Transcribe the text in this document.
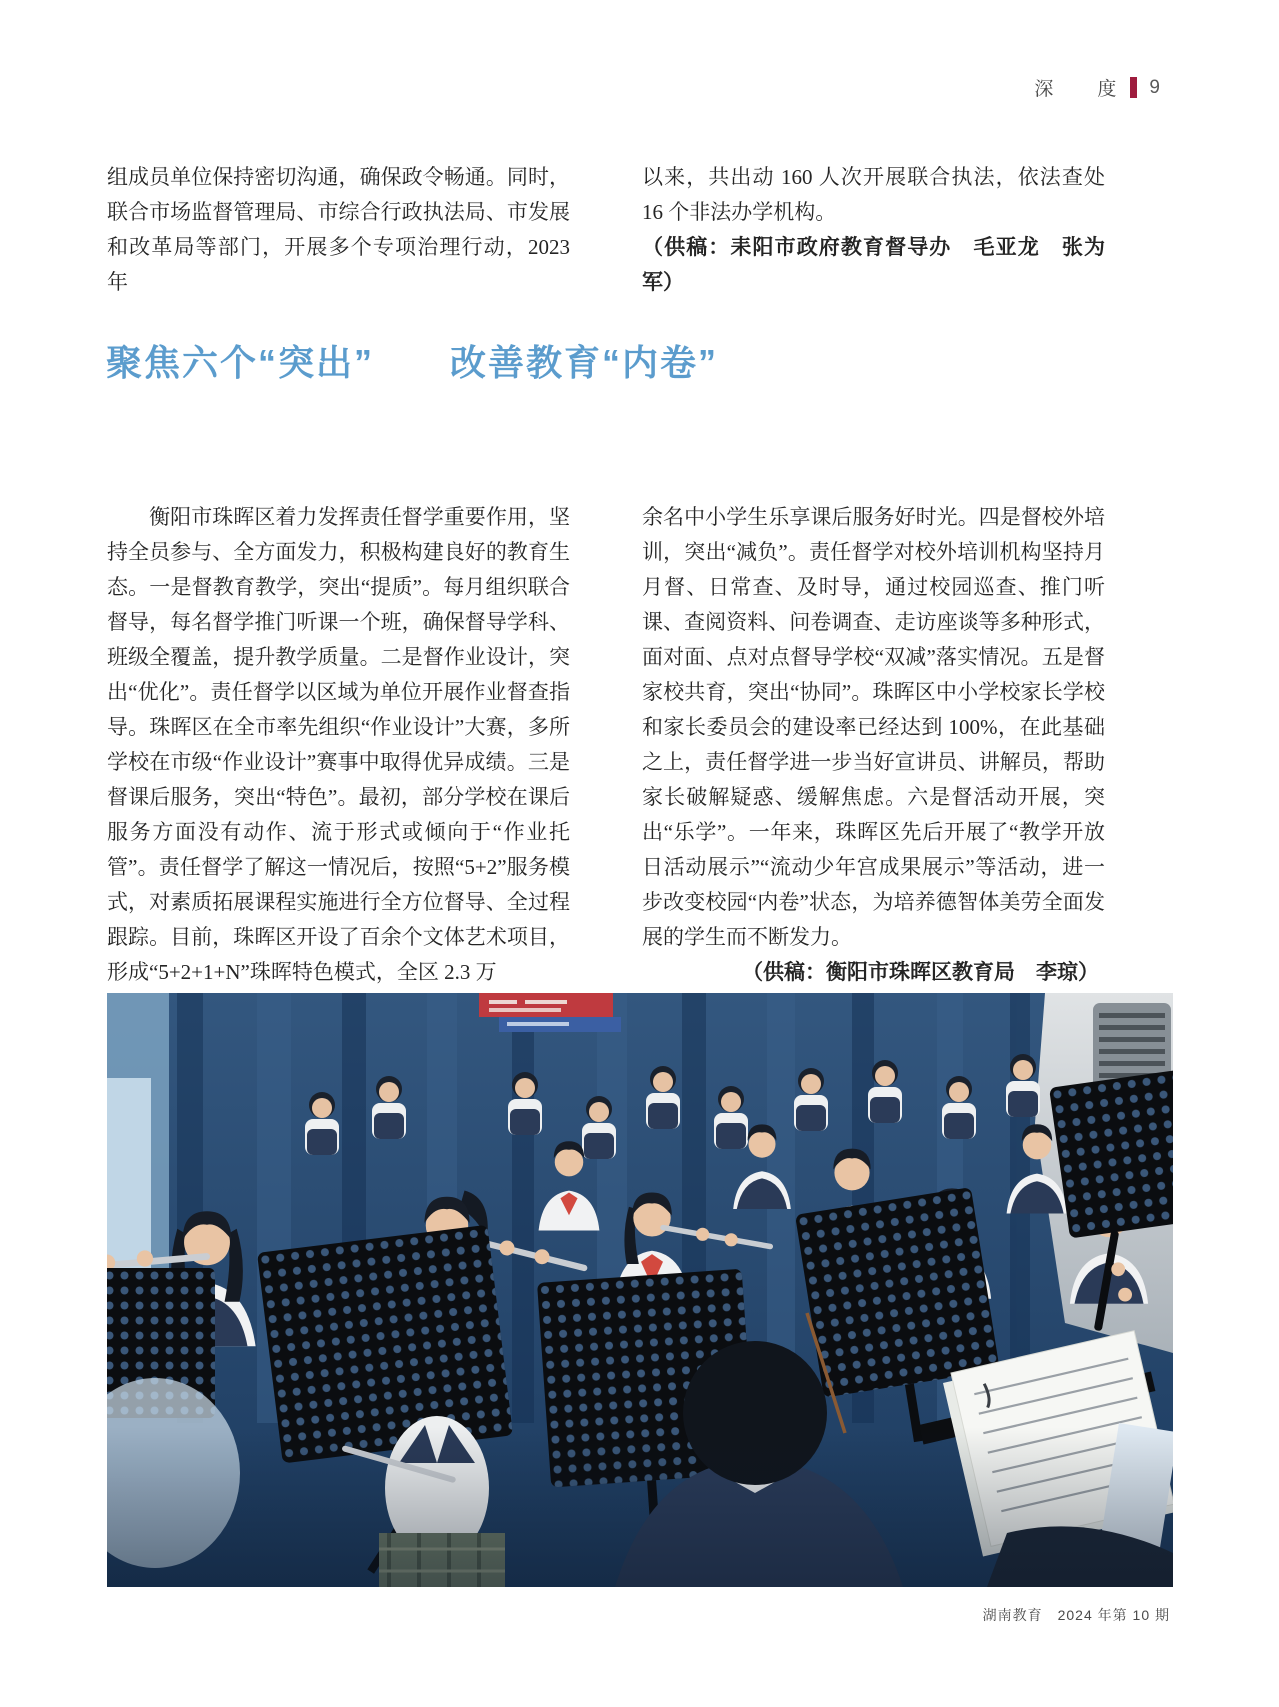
深　　度 9
组成员单位保持密切沟通，确保政令畅通。同时，联合市场监督管理局、市综合行政执法局、市发展和改革局等部门，开展多个专项治理行动，2023 年
以来，共出动 160 人次开展联合执法，依法查处 16 个非法办学机构。
（供稿：耒阳市政府教育督导办　毛亚龙　张为军）
聚焦六个“突出”　　改善教育“内卷”
　　衡阳市珠晖区着力发挥责任督学重要作用，坚持全员参与、全方面发力，积极构建良好的教育生态。一是督教育教学，突出“提质”。每月组织联合督导，每名督学推门听课一个班，确保督导学科、班级全覆盖，提升教学质量。二是督作业设计，突出“优化”。责任督学以区域为单位开展作业督查指导。珠晖区在全市率先组织“作业设计”大赛，多所学校在市级“作业设计”赛事中取得优异成绩。三是督课后服务，突出“特色”。最初，部分学校在课后服务方面没有动作、流于形式或倾向于“作业托管”。责任督学了解这一情况后，按照“5+2”服务模式，对素质拓展课程实施进行全方位督导、全过程跟踪。目前，珠晖区开设了百余个文体艺术项目，形成“5+2+1+N”珠晖特色模式，全区 2.3 万
余名中小学生乐享课后服务好时光。四是督校外培训，突出“减负”。责任督学对校外培训机构坚持月月督、日常查、及时导，通过校园巡查、推门听课、查阅资料、问卷调查、走访座谈等多种形式，面对面、点对点督导学校“双减”落实情况。五是督家校共育，突出“协同”。珠晖区中小学校家长学校和家长委员会的建设率已经达到 100%，在此基础之上，责任督学进一步当好宣讲员、讲解员，帮助家长破解疑惑、缓解焦虑。六是督活动开展，突出“乐学”。一年来，珠晖区先后开展了“教学开放日活动展示”“流动少年宫成果展示”等活动，进一步改变校园“内卷”状态，为培养德智体美劳全面发展的学生而不断发力。
（供稿：衡阳市珠晖区教育局　李琼）
湖南教育　2024 年第 10 期
